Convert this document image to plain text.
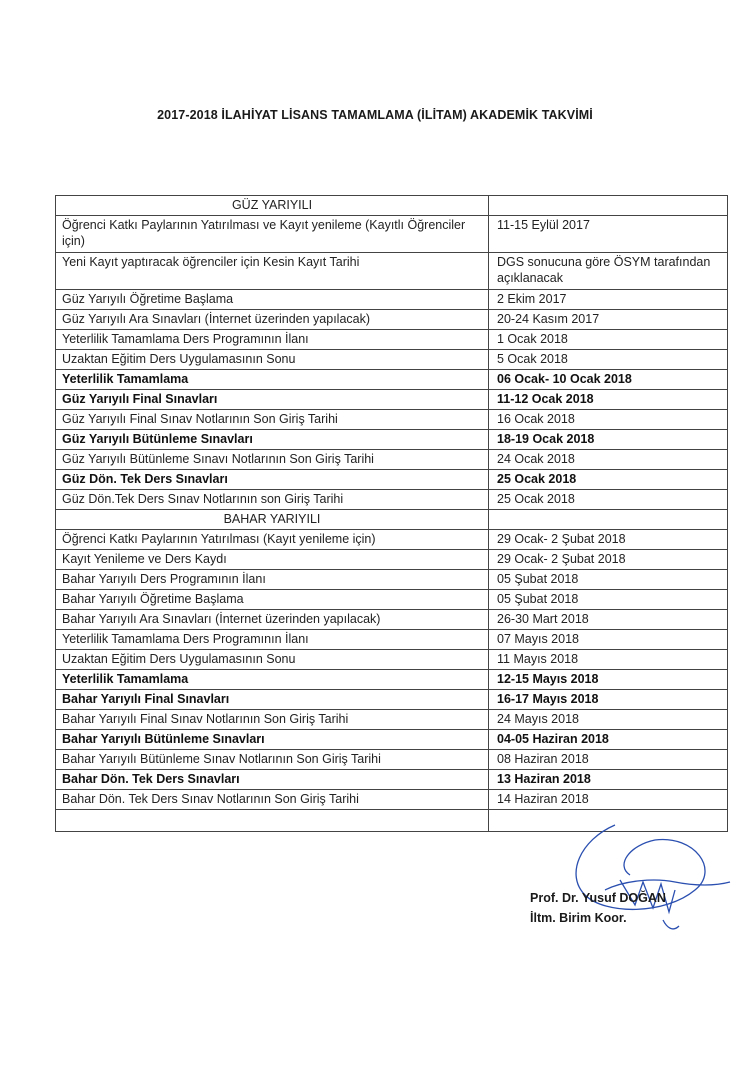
2017-2018 İLAHİYAT LİSANS TAMAMLAMA (İLİTAM) AKADEMİK TAKVİMİ
GÜZ YARIYILI	
Öğrenci Katkı Paylarının Yatırılması ve Kayıt yenileme (Kayıtlı Öğrenciler için)	11-15 Eylül 2017
Yeni Kayıt yaptıracak öğrenciler için Kesin Kayıt Tarihi	DGS sonucuna göre ÖSYM tarafından açıklanacak
Güz Yarıyılı Öğretime Başlama	2 Ekim 2017
Güz Yarıyılı Ara Sınavları (İnternet üzerinden yapılacak)	20-24 Kasım 2017
Yeterlilik Tamamlama Ders Programının İlanı	1 Ocak 2018
Uzaktan Eğitim Ders Uygulamasının Sonu	5 Ocak 2018
Yeterlilik Tamamlama	06 Ocak- 10 Ocak 2018
Güz Yarıyılı Final Sınavları	11-12 Ocak 2018
Güz Yarıyılı Final Sınav Notlarının Son Giriş Tarihi	16 Ocak 2018
Güz Yarıyılı Bütünleme Sınavları	18-19 Ocak 2018
Güz Yarıyılı Bütünleme Sınavı Notlarının Son Giriş Tarihi	24 Ocak 2018
Güz Dön. Tek Ders Sınavları	25 Ocak 2018
Güz Dön.Tek Ders Sınav Notlarının son Giriş Tarihi	25 Ocak 2018
BAHAR YARIYILI	
Öğrenci Katkı Paylarının Yatırılması (Kayıt yenileme için)	29 Ocak- 2 Şubat 2018
Kayıt Yenileme ve Ders Kaydı	29 Ocak- 2 Şubat 2018
Bahar Yarıyılı Ders Programının İlanı	05 Şubat 2018
Bahar Yarıyılı Öğretime Başlama	05 Şubat 2018
Bahar Yarıyılı Ara Sınavları (İnternet üzerinden yapılacak)	26-30 Mart 2018
Yeterlilik Tamamlama Ders Programının İlanı	07 Mayıs 2018
Uzaktan Eğitim Ders Uygulamasının Sonu	11 Mayıs 2018
Yeterlilik Tamamlama	12-15 Mayıs 2018
Bahar Yarıyılı Final Sınavları	16-17 Mayıs 2018
Bahar Yarıyılı Final Sınav Notlarının Son Giriş Tarihi	24 Mayıs 2018
Bahar Yarıyılı Bütünleme Sınavları	04-05 Haziran 2018
Bahar Yarıyılı Bütünleme Sınav Notlarının Son Giriş Tarihi	08 Haziran 2018
Bahar Dön. Tek Ders Sınavları	13 Haziran 2018
Bahar Dön. Tek Ders Sınav Notlarının Son Giriş Tarihi	14 Haziran 2018

Prof. Dr. Yusuf DOĞAN
İltm. Birim Koor.
